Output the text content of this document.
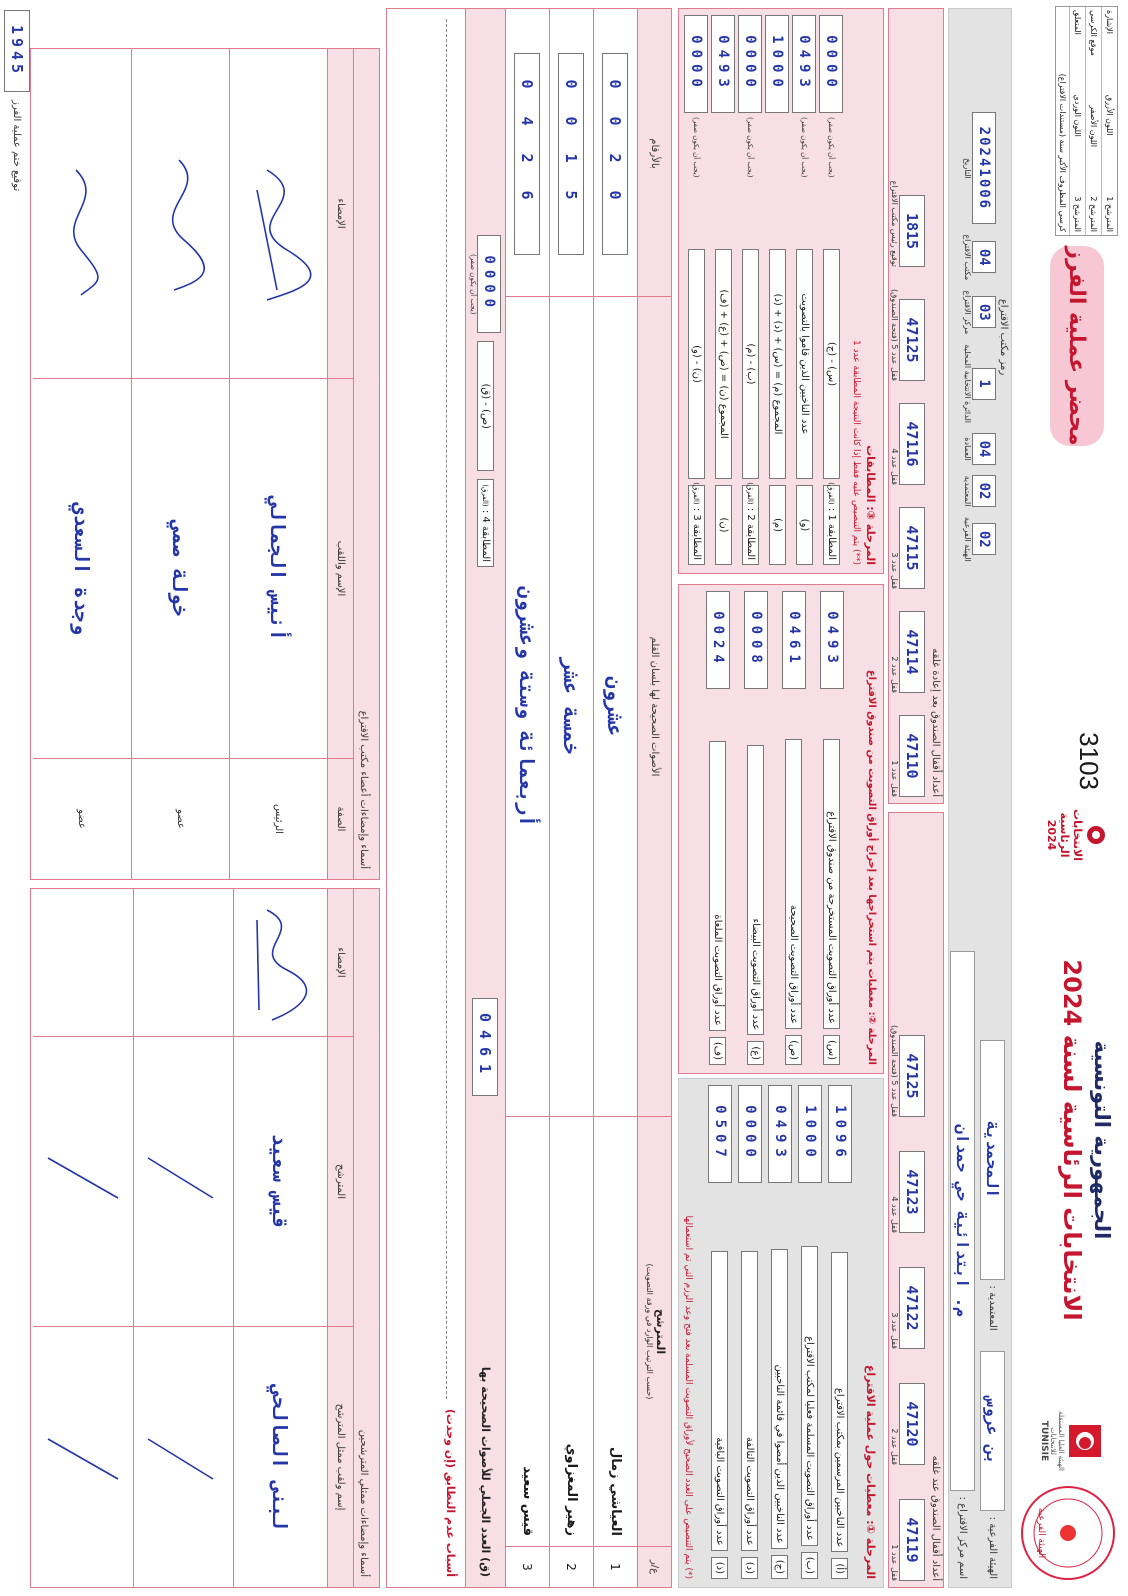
الهيئة الفرعية
الهيئة العليا المستقلة للانتخابات
TUNISIE
الجمهورية التونسية
الانتخابات الرئاسية لسنة 2024
الانتخابات الرئاسية 2024
3103
محضر عملية الفرز
المترشح 1
اللون الأزرق
الإشارة
المترشح 2
اللون الأصفر
موقع الكرسي
المترشح 3
اللون الوردي
المتعلق
كرسي المظروف الأكبر سنة (مستندات الاقتراع)
الهيئة الفرعية :
بن عروس
المعتمدية :
المحمدية
اسم مركز الاقتراع :
م. ابتدائية حي حمدان
رمز مكتب الاقتراع
02
الهيئة الفرعية
02
المعتمدية
04
العمادة
1
الدائرة الانتخابية المحلية
03
مركز الاقتراع
04
مكتب الاقتراع
20241006
التاريخ
أعداد أقفال الصندوق عند غلقه
47119
قفل عدد 1
47120
قفل عدد 2
47122
قفل عدد 3
47123
قفل عدد 4
47125
قفل عدد 5 (فتحة الصندوق)
أعداد أقفال الصندوق بعد إعادة غلقه
47110
قفل عدد 1
47114
قفل عدد 2
47115
قفل عدد 3
47116
قفل عدد 4
47125
قفل عدد 5 (فتحة الصندوق)
1815
توقيع رئيس مكتب الاقتراع
المرحلة ①: معطيات حول عملية الاقتراع
(أ)
عدد الناخبين المرسمين بمكتب الاقتراع
1096
(ب)
عدد أوراق التصويت المسلمة فعليا لمكتب الاقتراع
1000
(ج)
عدد الناخبين الذين أمضوا في قائمة الناخبين
0493
(د)
عدد أوراق التصويت التالفة
0000
(ذ)
عدد أوراق التصويت الباقية
0507
(*) يتم التنصيص على العدد الصحيح لأوراق التصويت المسلمة بعد فتح وعد الرزم التي تم استعمالها
المرحلة ②: معطيات يتم استخراجها بعد إخراج أوراق التصويت من صندوق الاقتراع
(س)
عدد أوراق التصويت المستخرجة من صندوق الاقتراع
0493
(ص)
عدد أوراق التصويت الصحيحة
0461
(ع)
عدد أوراق التصويت البيضاء
0008
(ف)
عدد أوراق التصويت الملغاة
0024
المرحلة ③: المطابقات
(**) يتم التنصيص عليه فقط إذا كانت النتيجة المطابقة عدد 1
المطابقة 1 : (الفرق)
(س) - (ج)
(يجب أن يكون صفر)
0000
(و)
عدد الناخبين الذين قاموا بالتصويت
(يجب أن يكون صفر)
0493
(م)
المجموع (م) = (س) + (د) + (ذ)
1000
المطابقة 2 : (الفرق)
(ب) - (م)
(يجب أن يكون صفر)
0000
(ن)
المجموع (ن) = (ص) + (ع) + (ف)
0493
المطابقة 3 : (الفرق)
(ن) - (و)
(يجب أن يكون صفر)
0000
ع/ر
المترشح
(حسب الترتيب الوارد في ورقة التصويت)
الأصوات الصحيحة لها بلسان القلم
بالأرقام
1
العياشي زمال
عشرون
0020
2
زهير المغزاوي
خمسة عشر
0015
3
قيس سعيد
أربعمائة وستة وعشرون
0426
(ق) العدد الجملي للأصوات الصحيحة بها
0461
المطابقة 4 : (الفرق)
(ص) - (ق)
0000
(يجب أن يكون صفر)
أسباب عدم التطابق (إن وجدت)
أسماء وإمضاءات ممثلي المترشحين
إسم ولقب ممثل المترشح
المترشح
الإمضاء
لبنى الصالحي
قيس سعيد
أسماء وإمضاءات أعضاء مكتب الاقتراع
الصفة
الإسم واللقب
الإمضاء
الرئيس
أنيس الجمالي
عضو
خولة صمي
عضو
وجدة السعدي
1945
توقيع ختم عملية الفرز
